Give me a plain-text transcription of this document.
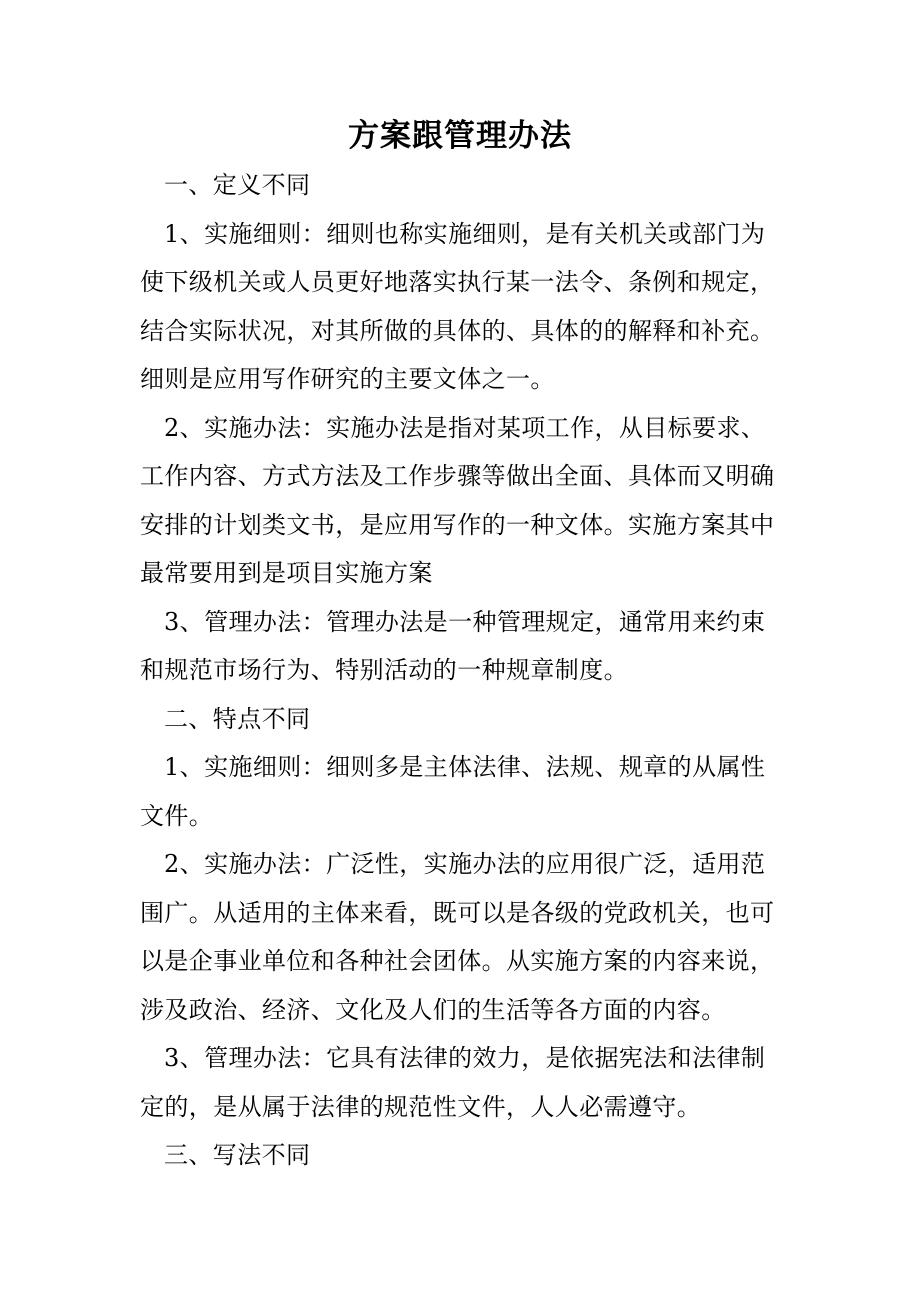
方案跟管理办法

一、定义不同

1、实施细则：细则也称实施细则，是有关机关或部门为使下级机关或人员更好地落实执行某一法令、条例和规定，结合实际状况，对其所做的具体的、具体的的解释和补充。细则是应用写作研究的主要文体之一。

2、实施办法：实施办法是指对某项工作，从目标要求、工作内容、方式方法及工作步骤等做出全面、具体而又明确安排的计划类文书，是应用写作的一种文体。实施方案其中最常要用到是项目实施方案

3、管理办法：管理办法是一种管理规定，通常用来约束和规范市场行为、特别活动的一种规章制度。

二、特点不同

1、实施细则：细则多是主体法律、法规、规章的从属性文件。

2、实施办法：广泛性，实施办法的应用很广泛，适用范围广。从适用的主体来看，既可以是各级的党政机关，也可以是企事业单位和各种社会团体。从实施方案的内容来说，涉及政治、经济、文化及人们的生活等各方面的内容。

3、管理办法：它具有法律的效力，是依据宪法和法律制定的，是从属于法律的规范性文件，人人必需遵守。

三、写法不同
